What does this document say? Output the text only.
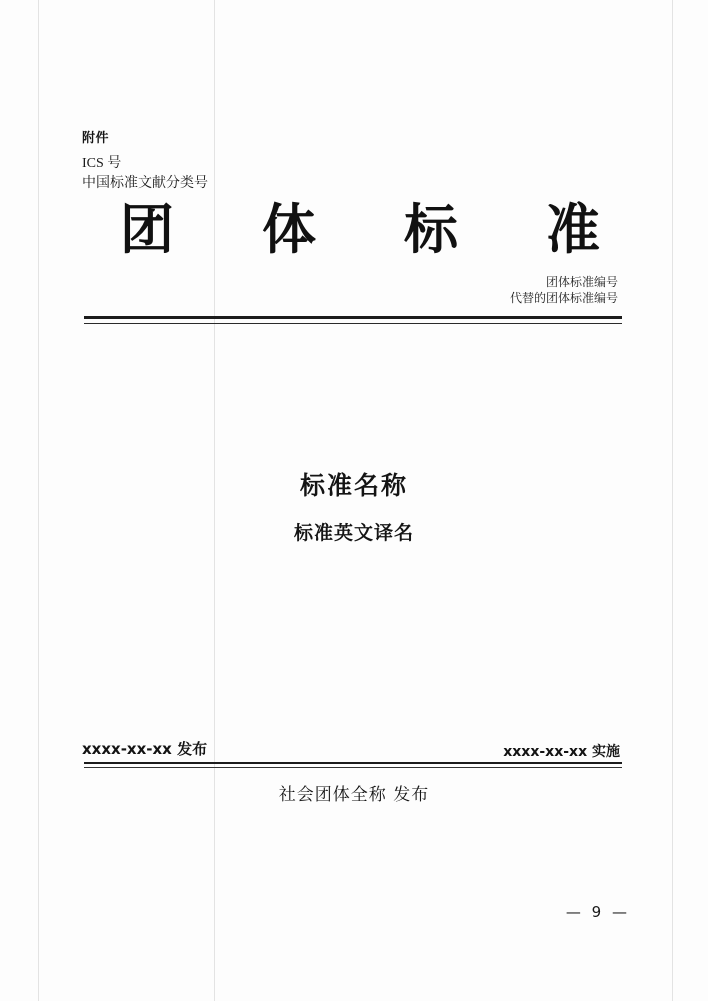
附件
ICS 号
中国标准文献分类号
团 体 标 准
团体标准编号
代替的团体标准编号
标准名称
标准英文译名
xxxx-xx-xx 发布	xxxx-xx-xx 实施
社会团体全称 发布
— 9 —
